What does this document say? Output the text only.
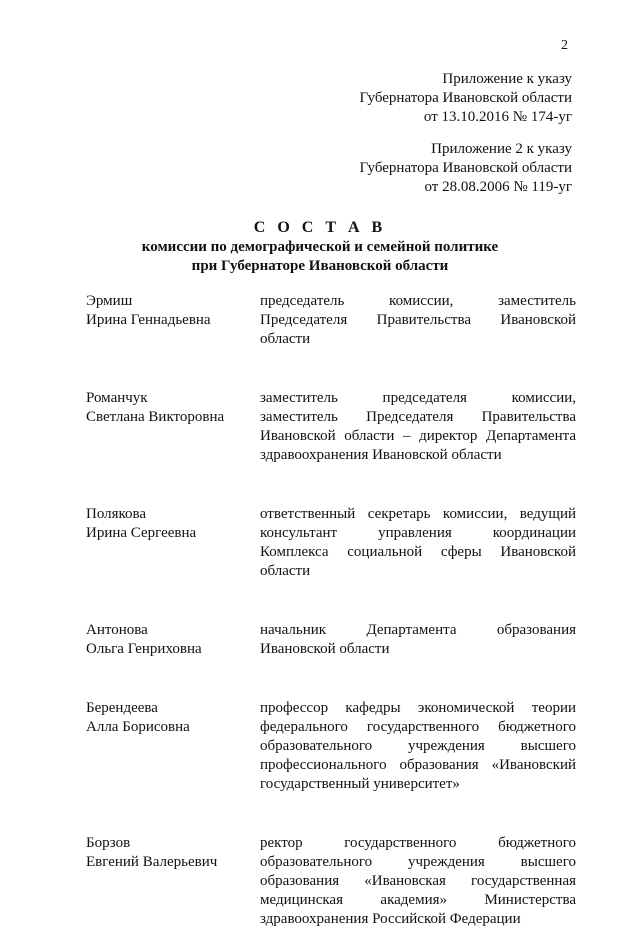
2
Приложение к указу
Губернатора Ивановской области
от 13.10.2016 № 174-уг
Приложение 2 к указу
Губернатора Ивановской области
от 28.08.2006 № 119-уг
С О С Т А В
комиссии по демографической и семейной политике
при Губернаторе Ивановской области
Эрмиш
Ирина Геннадьевна
председатель комиссии, заместитель
Председателя Правительства Ивановской
области
Романчук
Светлана Викторовна
заместитель председателя комиссии,
заместитель Председателя Правительства
Ивановской области – директор Департамента
здравоохранения Ивановской области
Полякова
Ирина Сергеевна
ответственный секретарь комиссии, ведущий
консультант управления координации
Комплекса социальной сферы Ивановской
области
Антонова
Ольга Генриховна
начальник Департамента образования
Ивановской области
Берендеева
Алла Борисовна
профессор кафедры экономической теории
федерального государственного бюджетного
образовательного учреждения высшего
профессионального образования «Ивановский
государственный университет»
Борзов
Евгений Валерьевич
ректор государственного бюджетного
образовательного учреждения высшего
образования «Ивановская государственная
медицинская академия» Министерства
здравоохранения Российской Федерации
